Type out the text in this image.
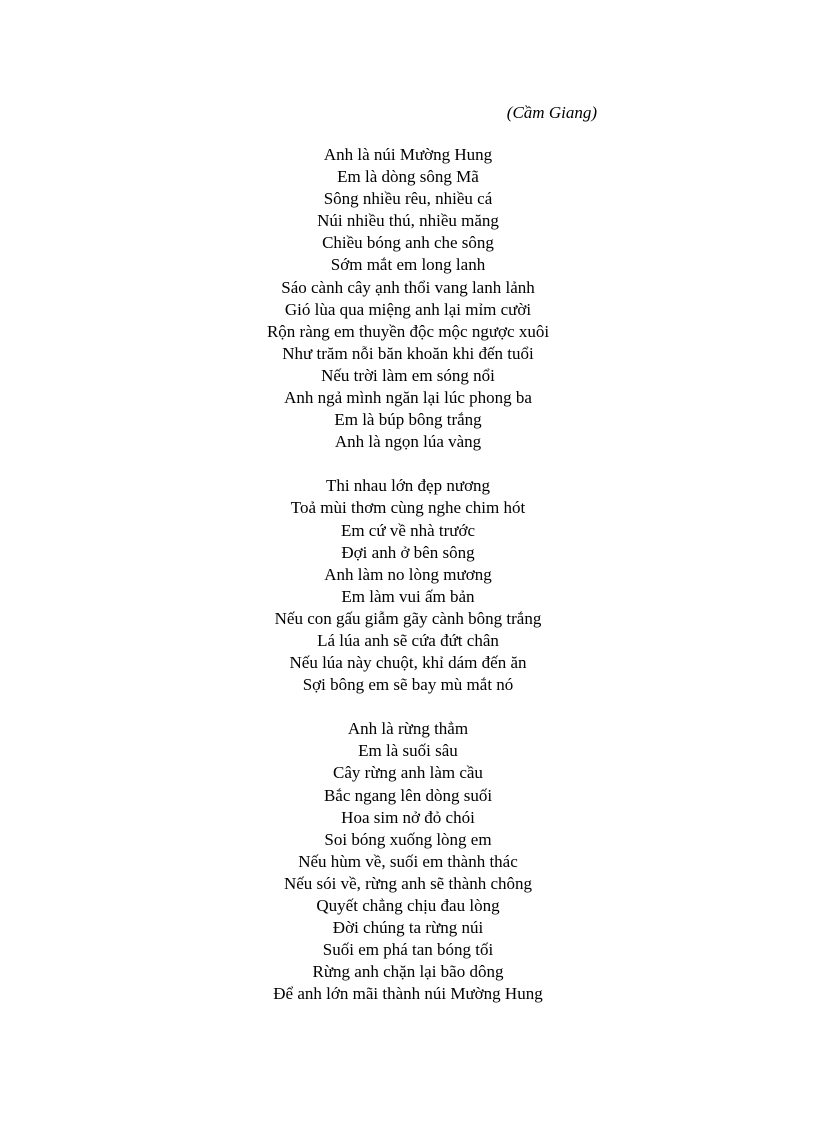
(Cầm Giang)
Anh là núi Mường Hung
Em là dòng sông Mã
Sông nhiều rêu, nhiều cá
Núi nhiều thú, nhiều măng
Chiều bóng anh che sông
Sớm mắt em long lanh
Sáo cành cây ạnh thổi vang lanh lảnh
Gió lùa qua miệng anh lại mỉm cười
Rộn ràng em thuyền độc mộc ngược xuôi
Như trăm nỗi băn khoăn khi đến tuổi
Nếu trời làm em sóng nổi
Anh ngả mình ngăn lại lúc phong ba
Em là búp bông trắng
Anh là ngọn lúa vàng
Thi nhau lớn đẹp nương
Toả mùi thơm cùng nghe chim hót
Em cứ về nhà trước
Đợi anh ở bên sông
Anh làm no lòng mương
Em làm vui ấm bản
Nếu con gấu giẫm gãy cành bông trắng
Lá lúa anh sẽ cứa đứt chân
Nếu lúa này chuột, khỉ dám đến ăn
Sợi bông em sẽ bay mù mắt nó
Anh là rừng thẳm
Em là suối sâu
Cây rừng anh làm cầu
Bắc ngang lên dòng suối
Hoa sim nở đỏ chói
Soi bóng xuống lòng em
Nếu hùm về, suối em thành thác
Nếu sói về, rừng anh sẽ thành chông
Quyết chẳng chịu đau lòng
Đời chúng ta rừng núi
Suối em phá tan bóng tối
Rừng anh chặn lại bão dông
Để anh lớn mãi thành núi Mường Hung
